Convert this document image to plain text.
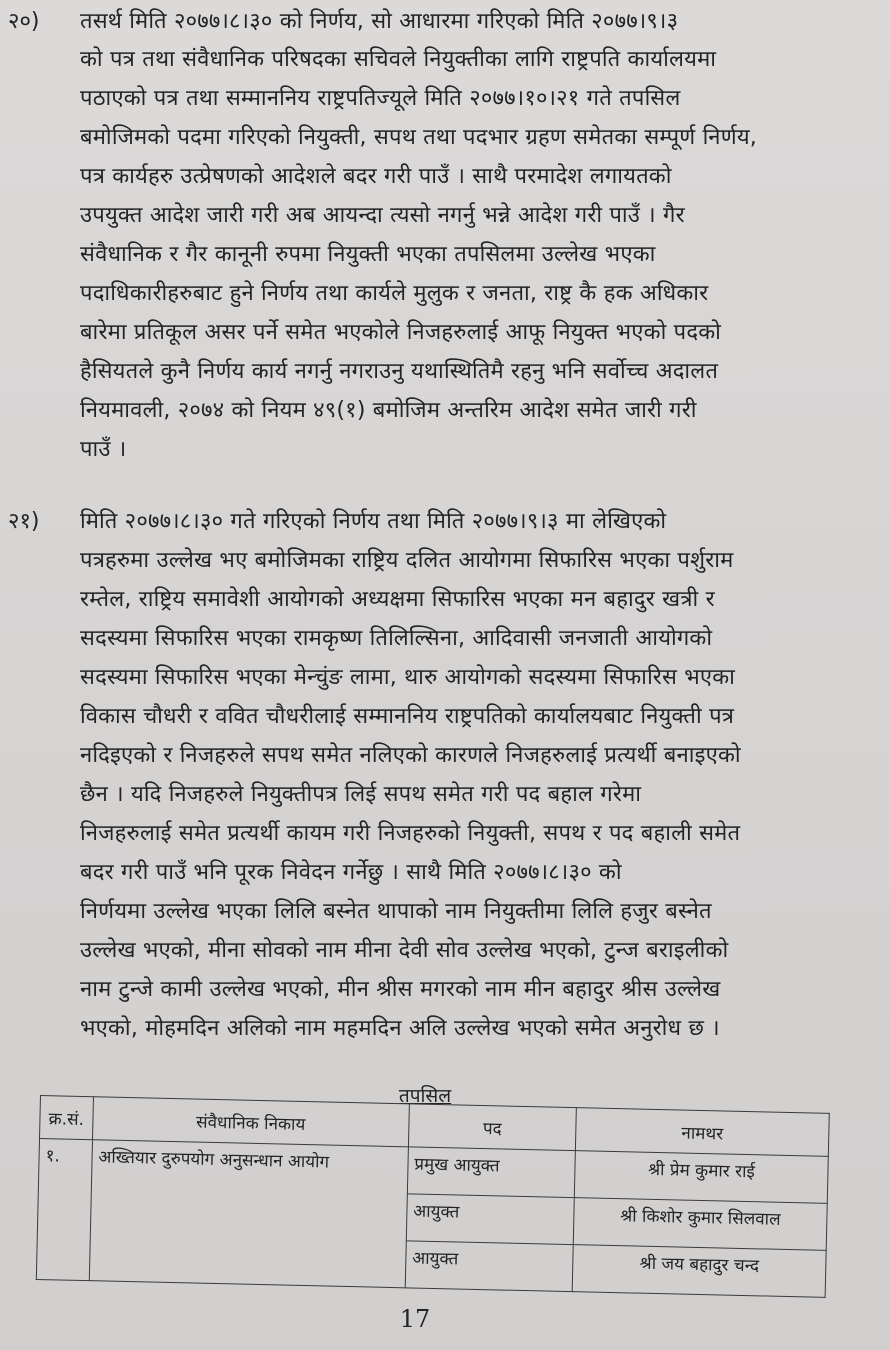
२०) तसर्थ मिति २०७७।८।३० को निर्णय, सो आधारमा गरिएको मिति २०७७।९।३
को पत्र तथा संवैधानिक परिषदका सचिवले नियुक्तीका लागि राष्ट्रपति कार्यालयमा
पठाएको पत्र तथा सम्माननिय राष्ट्रपतिज्यूले मिति २०७७।१०।२१ गते तपसिल
बमोजिमको पदमा गरिएको नियुक्ती, सपथ तथा पदभार ग्रहण समेतका सम्पूर्ण निर्णय,
पत्र कार्यहरु उत्प्रेषणको आदेशले बदर गरी पाउँ । साथै परमादेश लगायतको
उपयुक्त आदेश जारी गरी अब आयन्दा त्यसो नगर्नु भन्ने आदेश गरी पाउँ । गैर
संवैधानिक र गैर कानूनी रुपमा नियुक्ती भएका तपसिलमा उल्लेख भएका
पदाधिकारीहरुबाट हुने निर्णय तथा कार्यले मुलुक र जनता, राष्ट्र कै हक अधिकार
बारेमा प्रतिकूल असर पर्ने समेत भएकोले निजहरुलाई आफू नियुक्त भएको पदको
हैसियतले कुनै निर्णय कार्य नगर्नु नगराउनु यथास्थितिमै रहनु भनि सर्वोच्च अदालत
नियमावली, २०७४ को नियम ४९(१) बमोजिम अन्तरिम आदेश समेत जारी गरी
पाउँ ।
२१) मिति २०७७।८।३० गते गरिएको निर्णय तथा मिति २०७७।९।३ मा लेखिएको
पत्रहरुमा उल्लेख भए बमोजिमका राष्ट्रिय दलित आयोगमा सिफारिस भएका पर्शुराम
रम्तेल, राष्ट्रिय समावेशी आयोगको अध्यक्षमा सिफारिस भएका मन बहादुर खत्री र
सदस्यमा सिफारिस भएका रामकृष्ण तिलिल्सिना, आदिवासी जनजाती आयोगको
सदस्यमा सिफारिस भएका मेन्चुंङ लामा, थारु आयोगको सदस्यमा सिफारिस भएका
विकास चौधरी र ववित चौधरीलाई सम्माननिय राष्ट्रपतिको कार्यालयबाट नियुक्ती पत्र
नदिइएको र निजहरुले सपथ समेत नलिएको कारणले निजहरुलाई प्रत्यर्थी बनाइएको
छैन । यदि निजहरुले नियुक्तीपत्र लिई सपथ समेत गरी पद बहाल गरेमा
निजहरुलाई समेत प्रत्यर्थी कायम गरी निजहरुको नियुक्ती, सपथ र पद बहाली समेत
बदर गरी पाउँ भनि पूरक निवेदन गर्नेछु । साथै मिति २०७७।८।३० को
निर्णयमा उल्लेख भएका लिलि बस्नेत थापाको नाम नियुक्तीमा लिलि हजुर बस्नेत
उल्लेख भएको, मीना सोवको नाम मीना देवी सोव उल्लेख भएको, टुन्ज बराइलीको
नाम टुन्जे कामी उल्लेख भएको, मीन श्रीस मगरको नाम मीन बहादुर श्रीस उल्लेख
भएको, मोहमदिन अलिको नाम महमदिन अलि उल्लेख भएको समेत अनुरोध छ ।
तपसिल
क्र.सं.	संवैधानिक निकाय	पद	नामथर
१.	अख्तियार दुरुपयोग अनुसन्धान आयोग	प्रमुख आयुक्त	श्री प्रेम कुमार राई
		आयुक्त	श्री किशोर कुमार सिलवाल
		आयुक्त	श्री जय बहादुर चन्द
17
